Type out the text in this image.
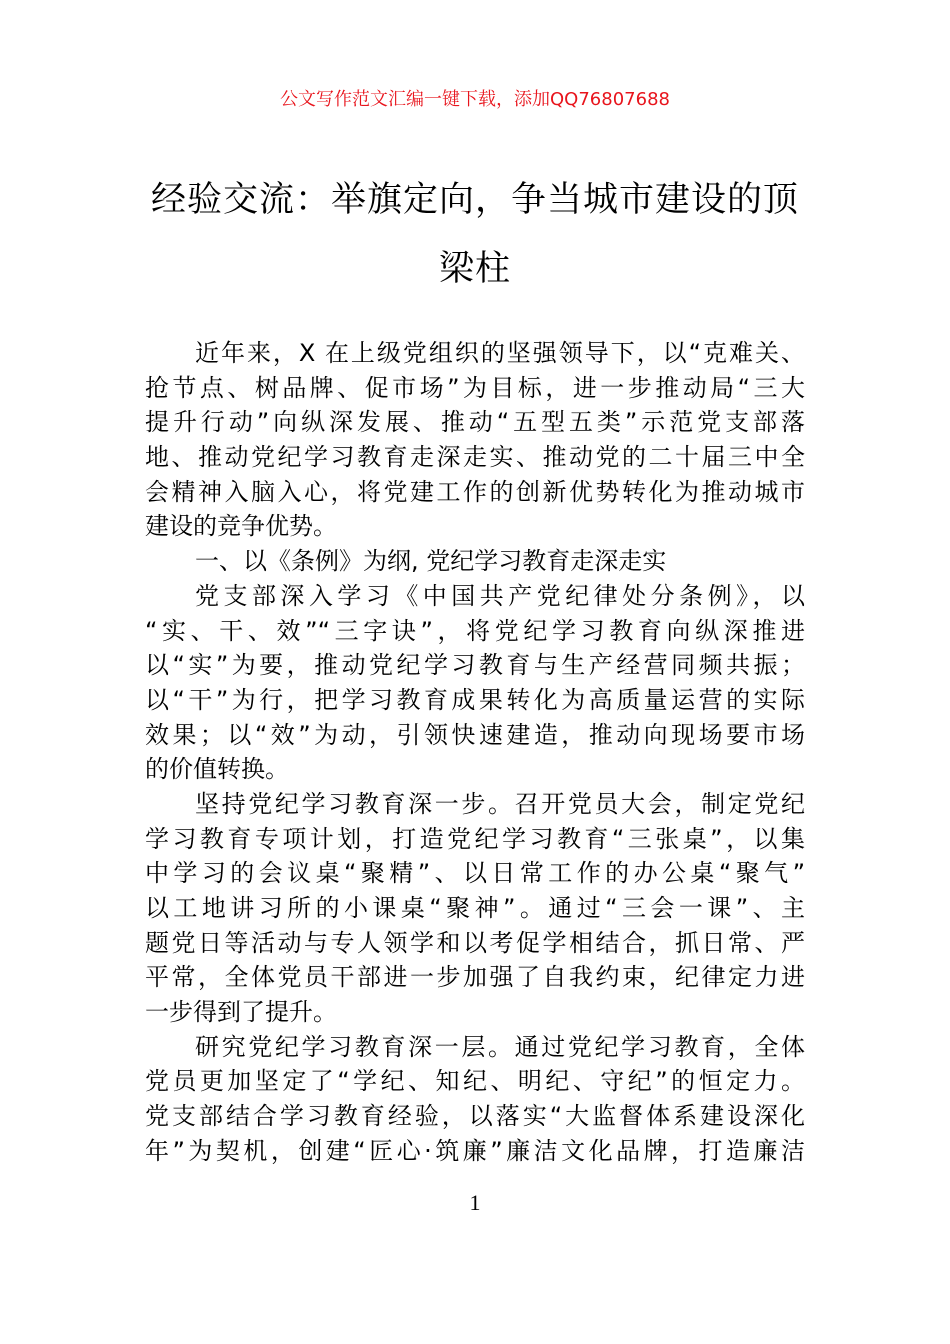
公文写作范文汇编一键下载，添加QQ76807688
经验交流：举旗定向，争当城市建设的顶
梁柱
近年来，X 在上级党组织的坚强领导下，以“克难关、
抢节点、树品牌、促市场”为目标，进一步推动局“三大
提升行动”向纵深发展、推动“五型五类”示范党支部落
地、推动党纪学习教育走深走实、推动党的二十届三中全
会精神入脑入心，将党建工作的创新优势转化为推动城市
建设的竞争优势。
一、以《条例》为纲, 党纪学习教育走深走实
党支部深入学习《中国共产党纪律处分条例》，以
“实、干、效”“三字诀”，将党纪学习教育向纵深推进
以“实”为要，推动党纪学习教育与生产经营同频共振；
以“干”为行，把学习教育成果转化为高质量运营的实际
效果；以“效”为动，引领快速建造，推动向现场要市场
的价值转换。
坚持党纪学习教育深一步。召开党员大会，制定党纪
学习教育专项计划，打造党纪学习教育“三张桌”，以集
中学习的会议桌“聚精”、以日常工作的办公桌“聚气”
以工地讲习所的小课桌“聚神”。通过“三会一课”、主
题党日等活动与专人领学和以考促学相结合，抓日常、严
平常，全体党员干部进一步加强了自我约束，纪律定力进
一步得到了提升。
研究党纪学习教育深一层。通过党纪学习教育，全体
党员更加坚定了“学纪、知纪、明纪、守纪”的恒定力。
党支部结合学习教育经验，以落实“大监督体系建设深化
年”为契机，创建“匠心·筑廉”廉洁文化品牌，打造廉洁
1
